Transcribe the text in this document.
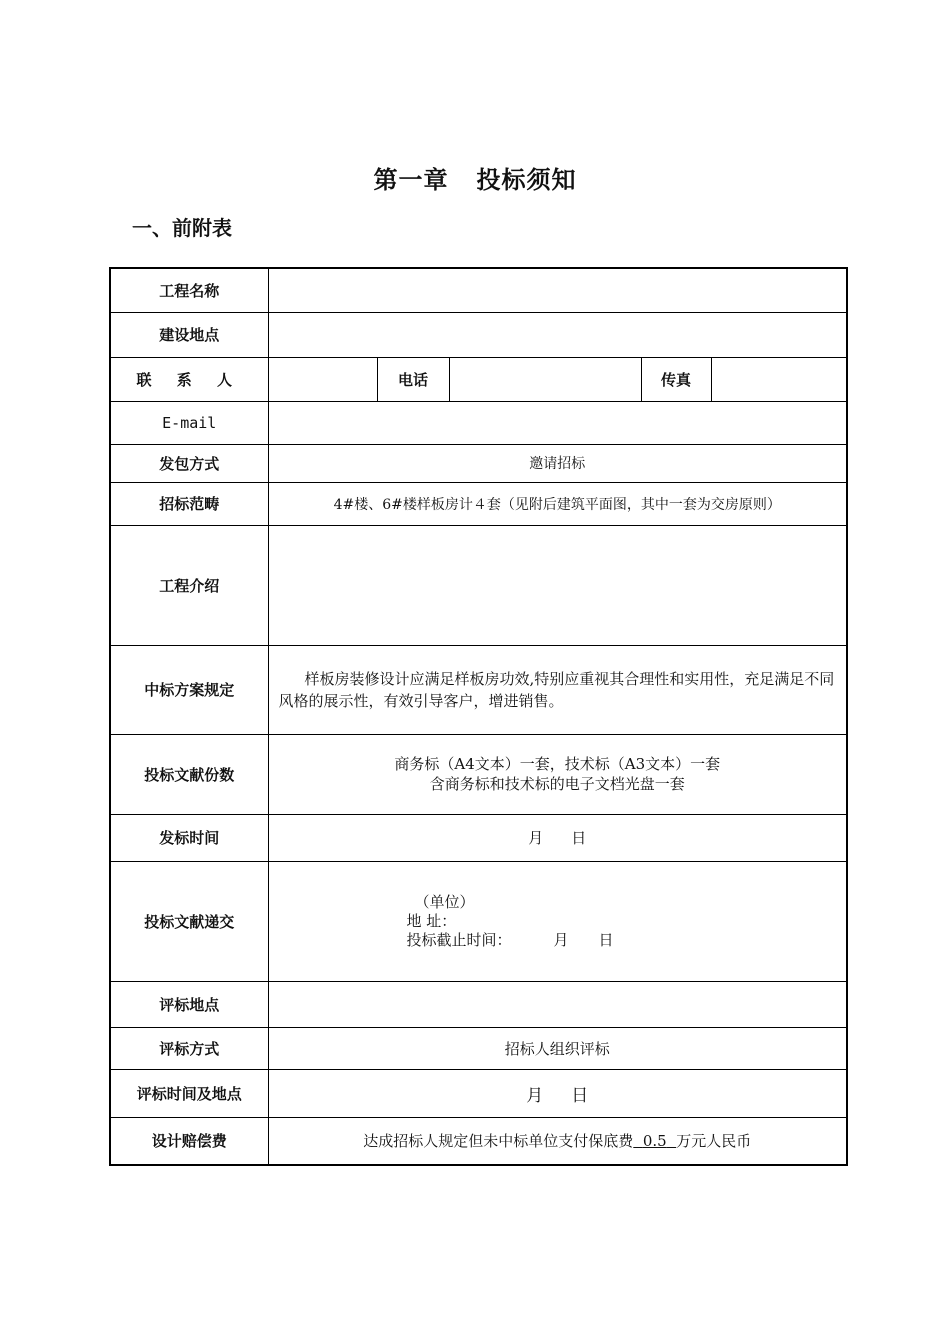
第一章 投标须知
一、前附表
工程名称					
建设地点					
联 系 人		电话		传真	
E-mail					
发包方式	邀请招标				
招标范畴	4#楼、6#楼样板房计４套（见附后建筑平面图，其中一套为交房原则）				
工程介绍					
中标方案规定	样板房装修设计应满足样板房功效,特别应重视其合理性和实用性，充足满足不同风格的展示性，有效引导客户，增进销售。				
投标文献份数	商务标（A4文本）一套，技术标（A3文本）一套
含商务标和技术标的电子文档光盘一套				

发标时间	月 日				
投标文献递交	（单位）
地 址：
投标截止时间： 月 日				

评标地点					
评标方式	招标人组织评标				
评标时间及地点	月 日				
设计赔偿费	达成招标人规定但未中标单位支付保底费 0.5 万元人民币				
